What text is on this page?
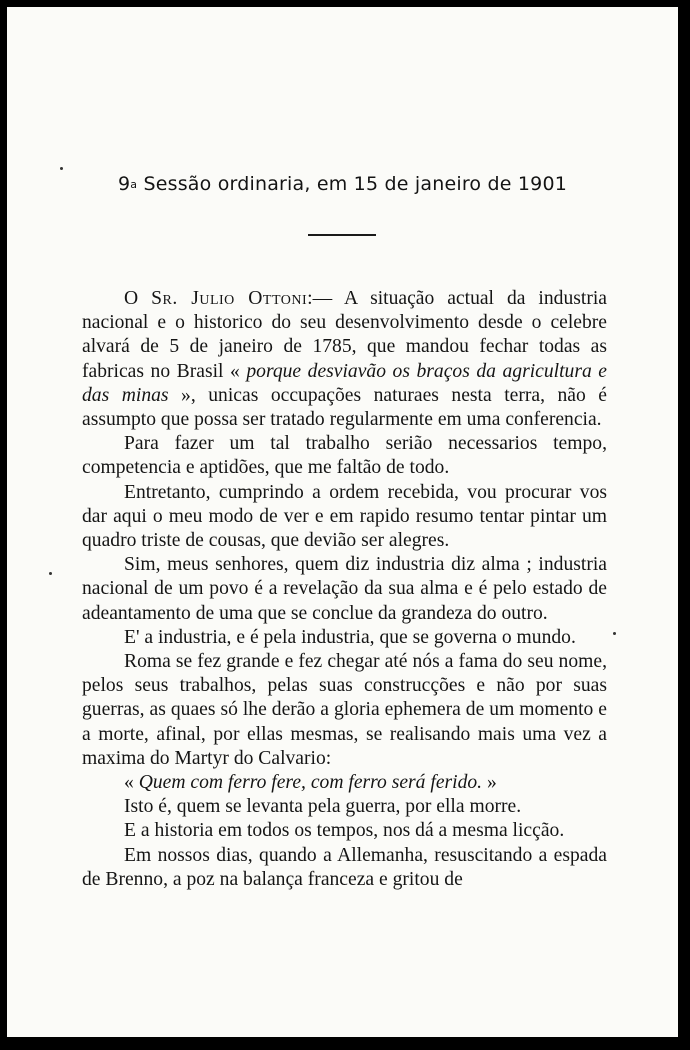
9$^a$ Sessão ordinaria, em 15 de janeiro de 1901

O Sr. Julio Ottoni:— A situação actual da industria nacional e o historico do seu desenvolvimento desde o celebre alvará de 5 de janeiro de 1785, que mandou fechar todas as fabricas no Brasil « porque desviavão os braços da agricultura e das minas », unicas occupações naturaes nesta terra, não é assumpto que possa ser tratado regularmente em uma conferencia.

Para fazer um tal trabalho serião necessarios tempo, competencia e aptidões, que me faltão de todo.

Entretanto, cumprindo a ordem recebida, vou procurar vos dar aqui o meu modo de ver e em rapido resumo tentar pintar um quadro triste de cousas, que devião ser alegres.

Sim, meus senhores, quem diz industria diz alma ; industria nacional de um povo é a revelação da sua alma e é pelo estado de adeantamento de uma que se conclue da grandeza do outro.

E' a industria, e é pela industria, que se governa o mundo.

Roma se fez grande e fez chegar até nós a fama do seu nome, pelos seus trabalhos, pelas suas construcções e não por suas guerras, as quaes só lhe derão a gloria ephemera de um momento e a morte, afinal, por ellas mesmas, se realisando mais uma vez a maxima do Martyr do Calvario:

« Quem com ferro fere, com ferro será ferido. »

Isto é, quem se levanta pela guerra, por ella morre.

E a historia em todos os tempos, nos dá a mesma licção.

Em nossos dias, quando a Allemanha, resuscitando a espada de Brenno, a poz na balança franceza e gritou de
